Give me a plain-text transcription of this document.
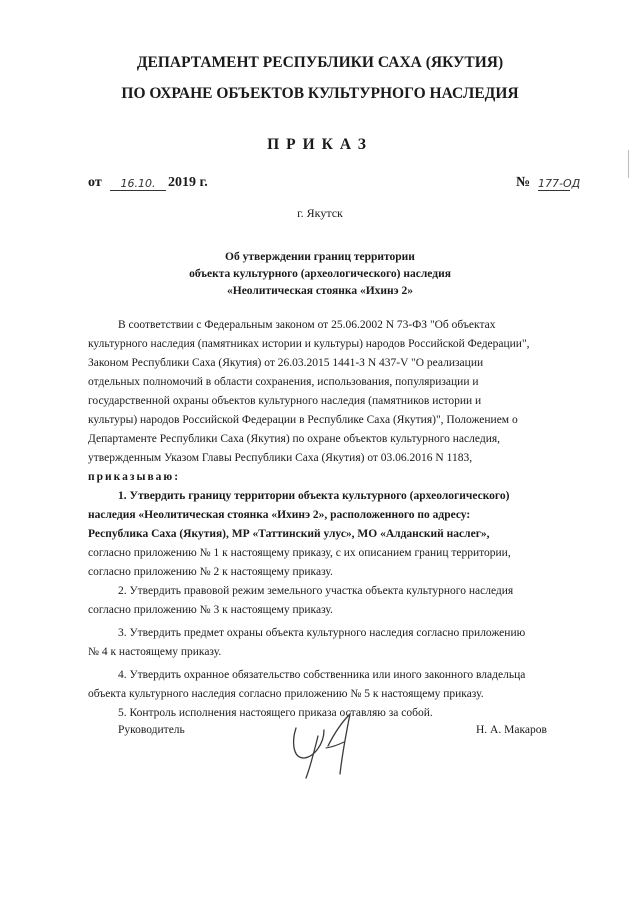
ДЕПАРТАМЕНТ РЕСПУБЛИКИ САХА (ЯКУТИЯ)
ПО ОХРАНЕ ОБЪЕКТОВ КУЛЬТУРНОГО НАСЛЕДИЯ
ПРИКАЗ
от	16.10. 2019 г.	№ 177-ОД
г. Якутск
Об утверждении границ территории
объекта культурного (археологического) наследия
«Неолитическая стоянка «Ихинэ 2»
В соответствии с Федеральным законом от 25.06.2002 N 73-ФЗ "Об объектах
культурного наследия (памятниках истории и культуры) народов Российской Федерации",
Законом Республики Саха (Якутия) от 26.03.2015 1441-З N 437-V "О реализации
отдельных полномочий в области сохранения, использования, популяризации и
государственной охраны объектов культурного наследия (памятников истории и
культуры) народов Российской Федерации в Республике Саха (Якутия)", Положением о
Департаменте Республики Саха (Якутия) по охране объектов культурного наследия,
утвержденным Указом Главы Республики Саха (Якутия) от 03.06.2016 N 1183,
приказываю:
1. Утвердить границу территории объекта культурного (археологического)
наследия «Неолитическая стоянка «Ихинэ 2», расположенного по адресу:
Республика Саха (Якутия), МР «Таттинский улус», МО «Алданский наслег»,
согласно приложению № 1 к настоящему приказу, с их описанием границ территории,
согласно приложению № 2 к настоящему приказу.
2. Утвердить правовой режим земельного участка объекта культурного наследия
согласно приложению № 3 к настоящему приказу.
3. Утвердить предмет охраны объекта культурного наследия согласно приложению
№ 4 к настоящему приказу.
4. Утвердить охранное обязательство собственника или иного законного владельца
объекта культурного наследия согласно приложению № 5 к настоящему приказу.
5. Контроль исполнения настоящего приказа оставляю за собой.
Руководитель	Н. А. Макаров
